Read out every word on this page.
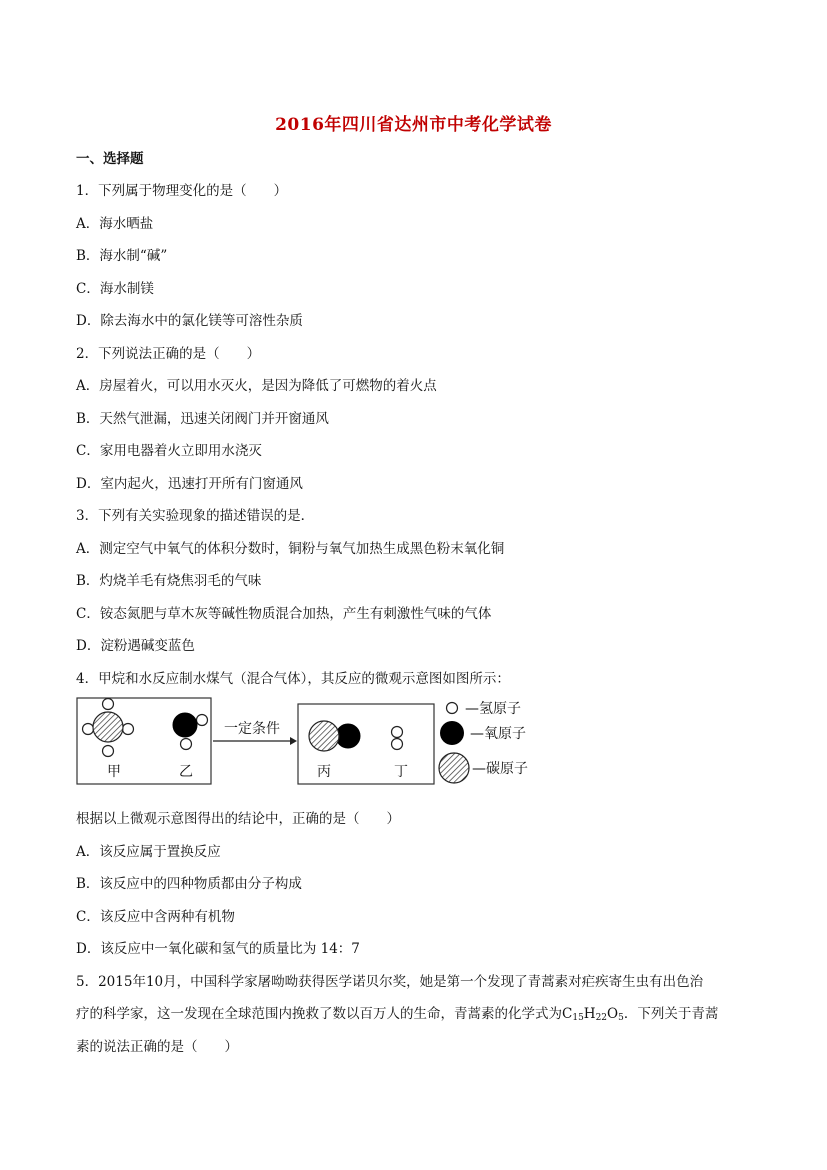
2016年四川省达州市中考化学试卷
一、选择题
1．下列属于物理变化的是（　　）
A．海水晒盐
B．海水制“碱”
C．海水制镁
D．除去海水中的氯化镁等可溶性杂质
2．下列说法正确的是（　　）
A．房屋着火，可以用水灭火，是因为降低了可燃物的着火点
B．天然气泄漏，迅速关闭阀门并开窗通风
C．家用电器着火立即用水浇灭
D．室内起火，迅速打开所有门窗通风
3．下列有关实验现象的描述错误的是．
A．测定空气中氧气的体积分数时，铜粉与氧气加热生成黑色粉末氧化铜
B．灼烧羊毛有烧焦羽毛的气味
C．铵态氮肥与草木灰等碱性物质混合加热，产生有刺激性气味的气体
D．淀粉遇碱变蓝色
4．甲烷和水反应制水煤气（混合气体），其反应的微观示意图如图所示：
甲	乙
一定条件
丙	丁
—氢原子
—氧原子
—碳原子
根据以上微观示意图得出的结论中，正确的是（　　）
A．该反应属于置换反应
B．该反应中的四种物质都由分子构成
C．该反应中含两种有机物
D．该反应中一氧化碳和氢气的质量比为 14：7
5．2015年10月，中国科学家屠呦呦获得医学诺贝尔奖，她是第一个发现了青蒿素对疟疾寄生虫有出色治
疗的科学家，这一发现在全球范围内挽救了数以百万人的生命，青蒿素的化学式为$C_{15}H_{22}O_5$．下列关于青蒿
素的说法正确的是（　　）
